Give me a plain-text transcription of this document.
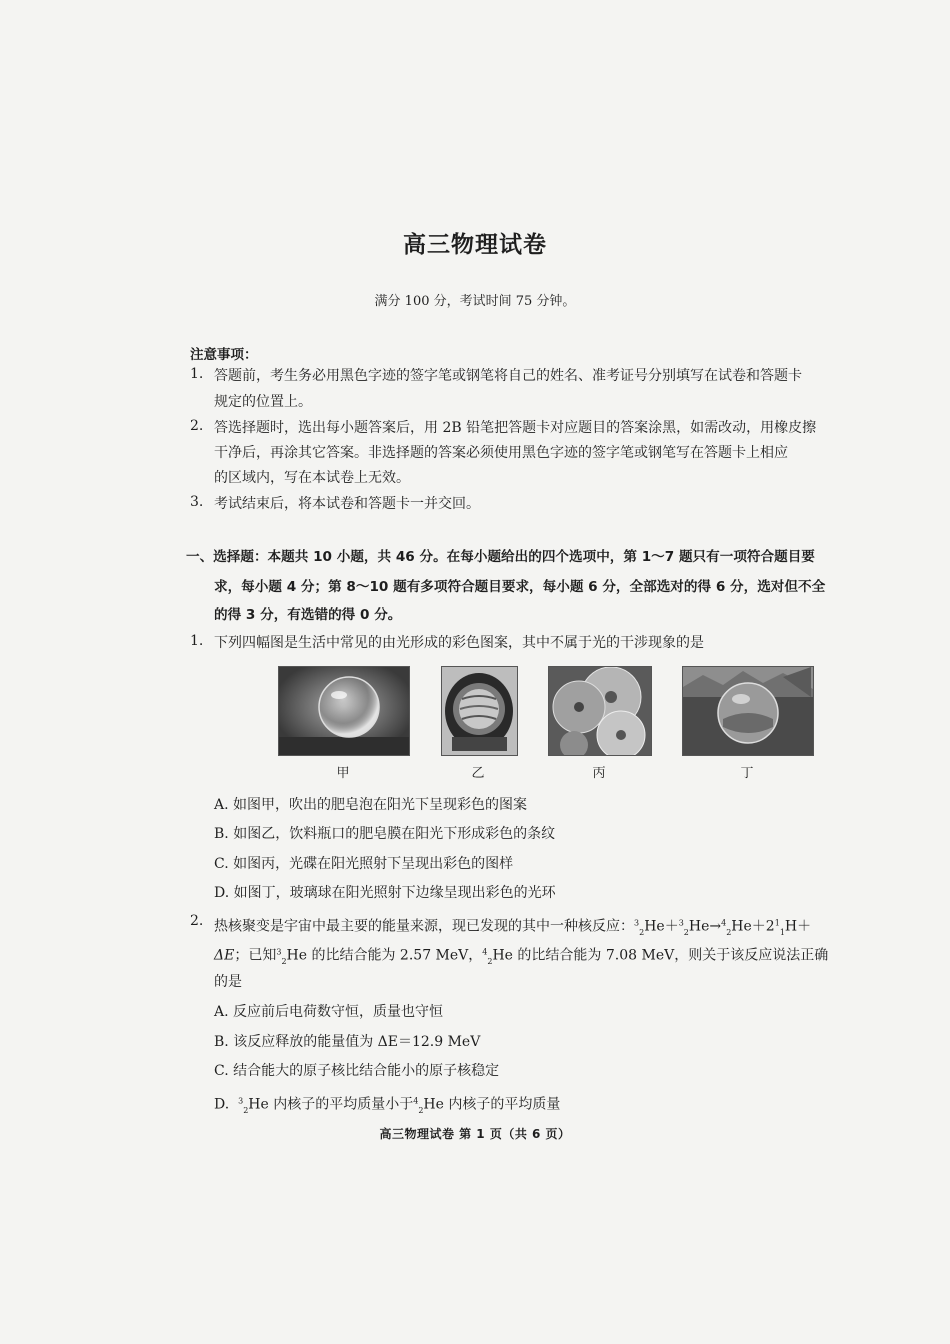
高三物理试卷
满分 100 分，考试时间 75 分钟。
注意事项：
1. 答题前，考生务必用黑色字迹的签字笔或钢笔将自己的姓名、准考证号分别填写在试卷和答题卡
规定的位置上。
2. 答选择题时，选出每小题答案后，用 2B 铅笔把答题卡对应题目的答案涂黑，如需改动，用橡皮擦
干净后，再涂其它答案。非选择题的答案必须使用黑色字迹的签字笔或钢笔写在答题卡上相应
的区域内，写在本试卷上无效。
3. 考试结束后，将本试卷和答题卡一并交回。
一、选择题：本题共 10 小题，共 46 分。在每小题给出的四个选项中，第 1～7 题只有一项符合题目要
求，每小题 4 分；第 8～10 题有多项符合题目要求，每小题 6 分，全部选对的得 6 分，选对但不全
的得 3 分，有选错的得 0 分。
1. 下列四幅图是生活中常见的由光形成的彩色图案，其中不属于光的干涉现象的是
甲	乙	丙	丁
A. 如图甲，吹出的肥皂泡在阳光下呈现彩色的图案
B. 如图乙，饮料瓶口的肥皂膜在阳光下形成彩色的条纹
C. 如图丙，光碟在阳光照射下呈现出彩色的图样
D. 如图丁，玻璃球在阳光照射下边缘呈现出彩色的光环
2. 热核聚变是宇宙中最主要的能量来源，现已发现的其中一种核反应：$^3_2He+^3_2He\to^4_2He+2^1_1H+$
ΔE；已知$^3_2$He 的比结合能为 2.57 MeV，$^4_2$He 的比结合能为 7.08 MeV，则关于该反应说法正确
的是
A. 反应前后电荷数守恒，质量也守恒
B. 该反应释放的能量值为 ΔE＝12.9 MeV
C. 结合能大的原子核比结合能小的原子核稳定
D. $^3_2$He 内核子的平均质量小于$^4_2$He 内核子的平均质量
高三物理试卷 第 1 页（共 6 页）
